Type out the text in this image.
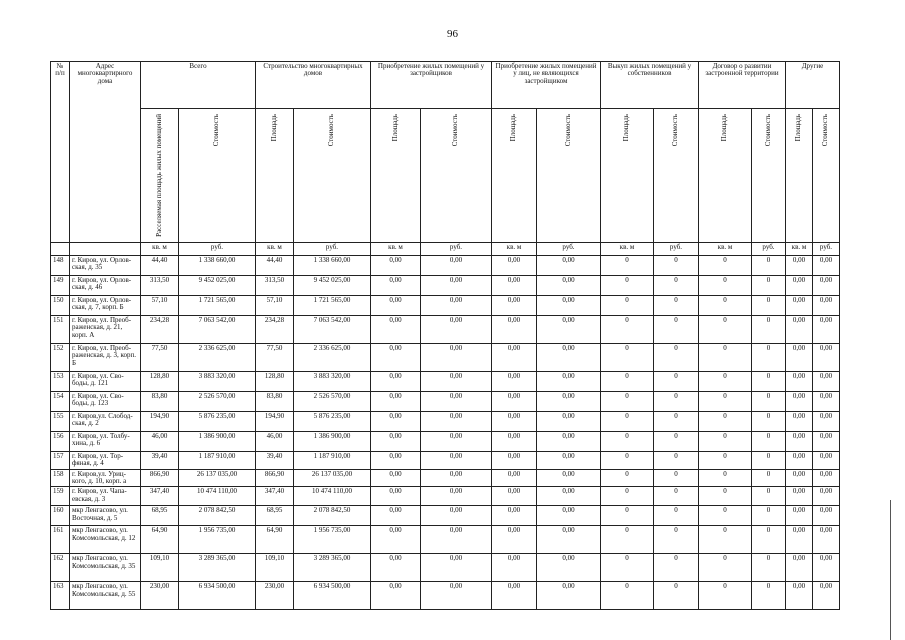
96
№ п/п	Адрес многоквартирного дома	Всего		Строительство многоквартирных домов		Приобретение жилых помещений у застройщиков		Приобретение жилых помещений у лиц, не являющихся застройщиком		Выкуп жилых помещений у собственников		Договор о развитии застроенной территории		Другие	

		Расселяемая площадь жилых помещений	Стоимость	Площадь	Стоимость	Площадь	Стоимость	Площадь	Стоимость	Площадь	Стоимость	Площадь	Стоимость	Площадь	Стоимость

		кв. м	руб.	кв. м	руб.	кв. м	руб.	кв. м	руб.	кв. м	руб.	кв. м	руб.	кв. м	руб.
148	г. Киров, ул. Орлов-ская, д. 35	44,40	1 338 660,00	44,40	1 338 660,00	0,00	0,00	0,00	0,00	0	0	0	0	0,00	0,00
149	г. Киров, ул. Орлов-ская, д. 46	313,50	9 452 025,00	313,50	9 452 025,00	0,00	0,00	0,00	0,00	0	0	0	0	0,00	0,00
150	г. Киров, ул. Орлов-ская, д. 7, корп. Б	57,10	1 721 565,00	57,10	1 721 565,00	0,00	0,00	0,00	0,00	0	0	0	0	0,00	0,00
151	г. Киров, ул. Преоб-раженская, д. 21, корп. А	234,28	7 063 542,00	234,28	7 063 542,00	0,00	0,00	0,00	0,00	0	0	0	0	0,00	0,00
152	г. Киров, ул. Преоб-раженская, д. 3, корп. Б	77,50	2 336 625,00	77,50	2 336 625,00	0,00	0,00	0,00	0,00	0	0	0	0	0,00	0,00
153	г. Киров, ул. Сво-боды, д. 121	128,80	3 883 320,00	128,80	3 883 320,00	0,00	0,00	0,00	0,00	0	0	0	0	0,00	0,00
154	г. Киров, ул. Сво-боды, д. 123	83,80	2 526 570,00	83,80	2 526 570,00	0,00	0,00	0,00	0,00	0	0	0	0	0,00	0,00
155	г. Киров,ул. Слобод-ская, д. 2	194,90	5 876 235,00	194,90	5 876 235,00	0,00	0,00	0,00	0,00	0	0	0	0	0,00	0,00
156	г. Киров, ул. Толбу-хина, д. 6	46,00	1 386 900,00	46,00	1 386 900,00	0,00	0,00	0,00	0,00	0	0	0	0	0,00	0,00
157	г. Киров, ул. Тор-фяная, д. 4	39,40	1 187 910,00	39,40	1 187 910,00	0,00	0,00	0,00	0,00	0	0	0	0	0,00	0,00
158	г. Киров,ул. Уриц-кого, д. 10, корп. а	866,90	26 137 035,00	866,90	26 137 035,00	0,00	0,00	0,00	0,00	0	0	0	0	0,00	0,00
159	г. Киров, ул. Чапа-евская, д. 3	347,40	10 474 110,00	347,40	10 474 110,00	0,00	0,00	0,00	0,00	0	0	0	0	0,00	0,00
160	мкр Ленгасово, ул. Восточная, д. 5	68,95	2 078 842,50	68,95	2 078 842,50	0,00	0,00	0,00	0,00	0	0	0	0	0,00	0,00
161	мкр Ленгасово, ул. Комсомольская, д. 12	64,90	1 956 735,00	64,90	1 956 735,00	0,00	0,00	0,00	0,00	0	0	0	0	0,00	0,00
162	мкр Ленгасово, ул. Комсомольская, д. 35	109,10	3 289 365,00	109,10	3 289 365,00	0,00	0,00	0,00	0,00	0	0	0	0	0,00	0,00
163	мкр Ленгасово, ул. Комсомольская, д. 55	230,00	6 934 500,00	230,00	6 934 500,00	0,00	0,00	0,00	0,00	0	0	0	0	0,00	0,00
